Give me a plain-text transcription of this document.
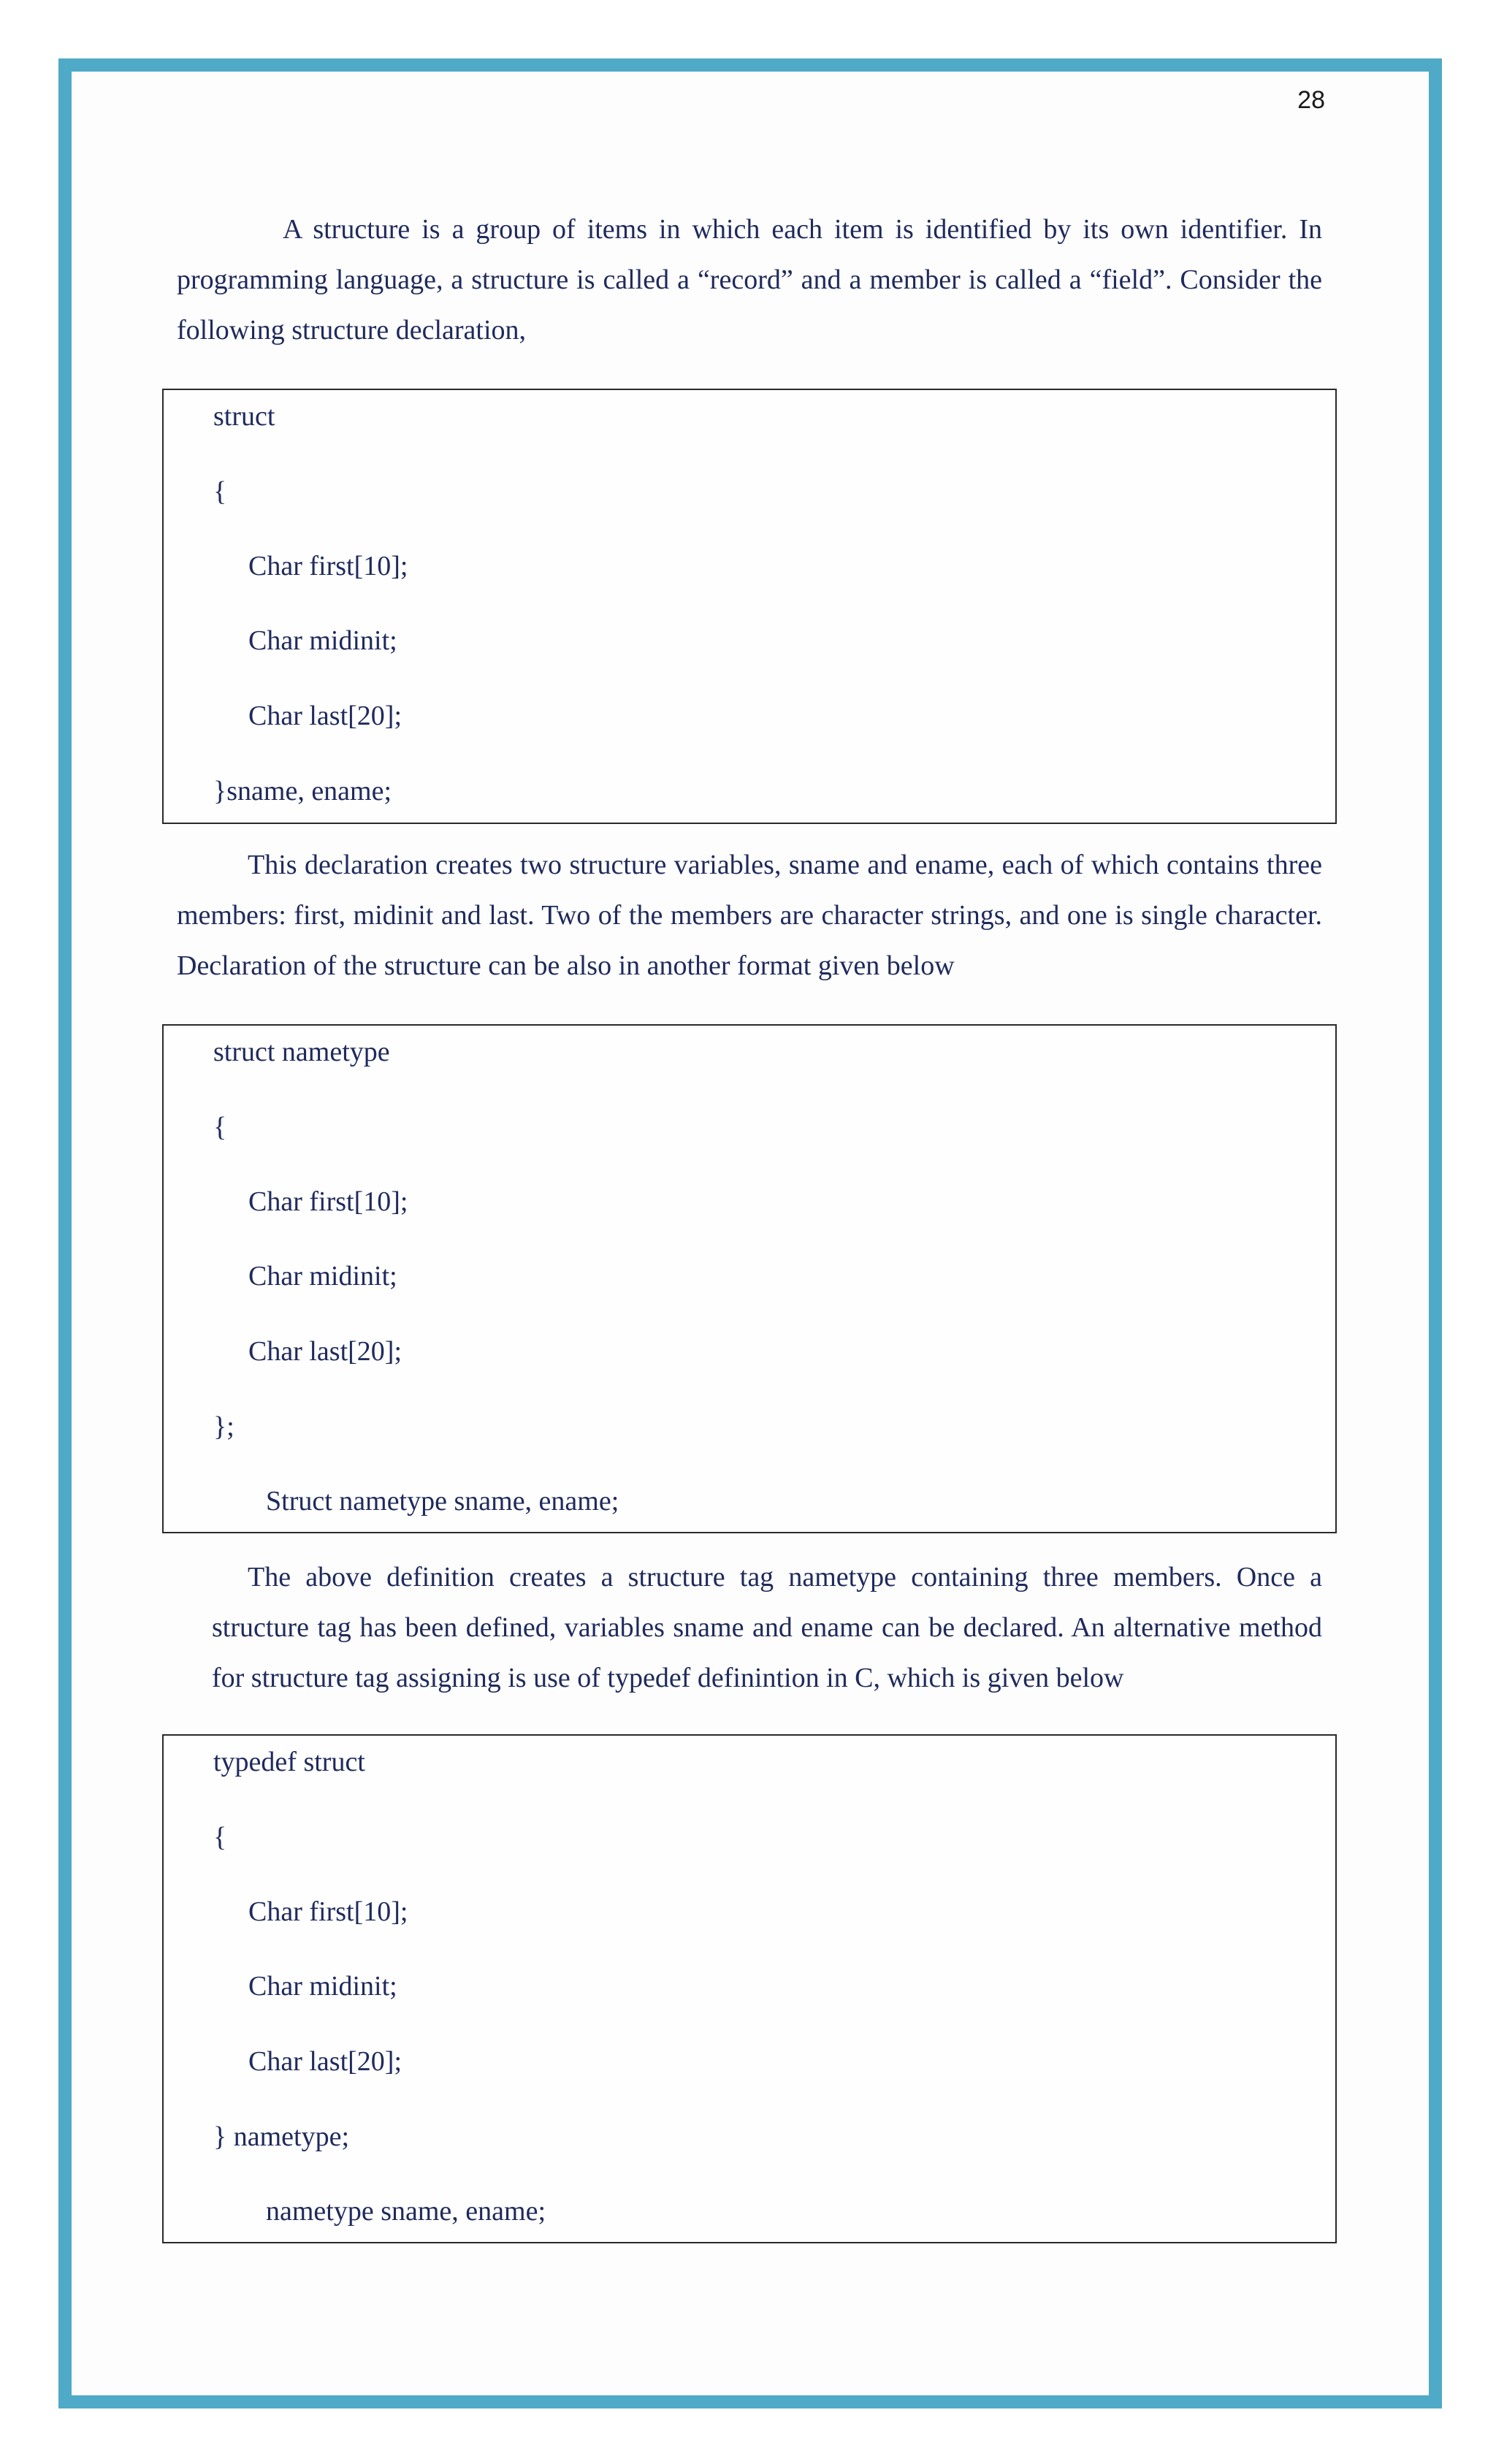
28

A structure is a group of items in which each item is identified by its own identifier. In programming language, a structure is called a “record” and a member is called a “field”. Consider the following structure declaration,

struct
{
Char first[10];
Char midinit;
Char last[20];
}sname, ename;

This declaration creates two structure variables, sname and ename, each of which contains three members: first, midinit and last. Two of the members are character strings, and one is single character. Declaration of the structure can be also in another format given below

struct nametype
{
Char first[10];
Char midinit;
Char last[20];
};
Struct nametype sname, ename;

The above definition creates a structure tag nametype containing three members. Once a structure tag has been defined, variables sname and ename can be declared. An alternative method for structure tag assigning is use of typedef definintion in C, which is given below

typedef struct
{
Char first[10];
Char midinit;
Char last[20];
} nametype;
nametype sname, ename;
